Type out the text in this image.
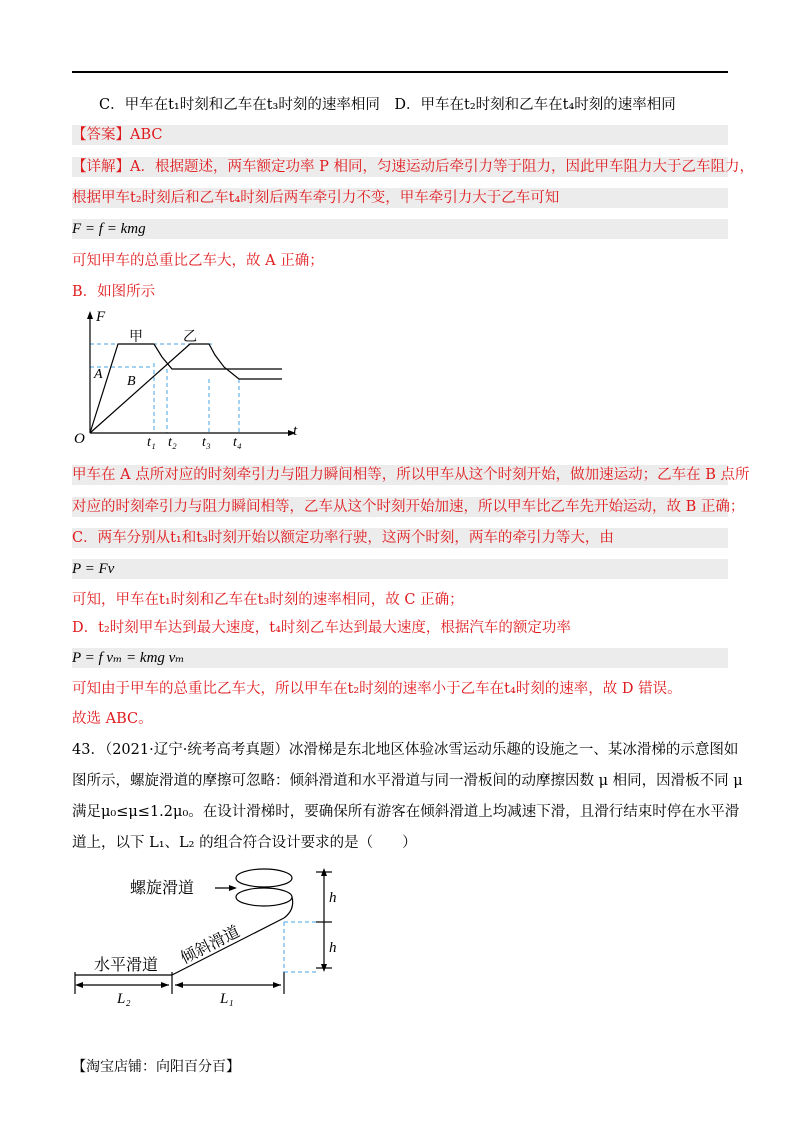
C．甲车在t₁时刻和乙车在t₃时刻的速率相同　D．甲车在t₂时刻和乙车在t₄时刻的速率相同
【答案】ABC
【详解】A．根据题述，两车额定功率 P 相同，匀速运动后牵引力等于阻力，因此甲车阻力大于乙车阻力，
根据甲车t₂时刻后和乙车t₄时刻后两车牵引力不变，甲车牵引力大于乙车可知
F = f = kmg
可知甲车的总重比乙车大，故 A 正确；
B．如图所示
F
t
O
A B
甲	乙
t₁ t₂ t₃ t₄
甲车在 A 点所对应的时刻牵引力与阻力瞬间相等，所以甲车从这个时刻开始，做加速运动；乙车在 B 点所
对应的时刻牵引力与阻力瞬间相等，乙车从这个时刻开始加速，所以甲车比乙车先开始运动，故 B 正确；
C．两车分别从t₁和t₃时刻开始以额定功率行驶，这两个时刻，两车的牵引力等大，由
P = Fv
可知，甲车在t₁时刻和乙车在t₃时刻的速率相同，故 C 正确；
D．t₂时刻甲车达到最大速度，t₄时刻乙车达到最大速度，根据汽车的额定功率
P = f vₘ = kmg vₘ
可知由于甲车的总重比乙车大，所以甲车在t₂时刻的速率小于乙车在t₄时刻的速率，故 D 错误。
故选 ABC。
43．（2021·辽宁·统考高考真题）冰滑梯是东北地区体验冰雪运动乐趣的设施之一、某冰滑梯的示意图如
图所示，螺旋滑道的摩擦可忽略：倾斜滑道和水平滑道与同一滑板间的动摩擦因数 μ 相同，因滑板不同 μ
满足μ₀≤μ≤1.2μ₀。在设计滑梯时，要确保所有游客在倾斜滑道上均减速下滑，且滑行结束时停在水平滑
道上，以下 L₁、L₂ 的组合符合设计要求的是（　　）
螺旋滑道
水平滑道 倾斜滑道
h
h
L₂	L₁
【淘宝店铺：向阳百分百】
